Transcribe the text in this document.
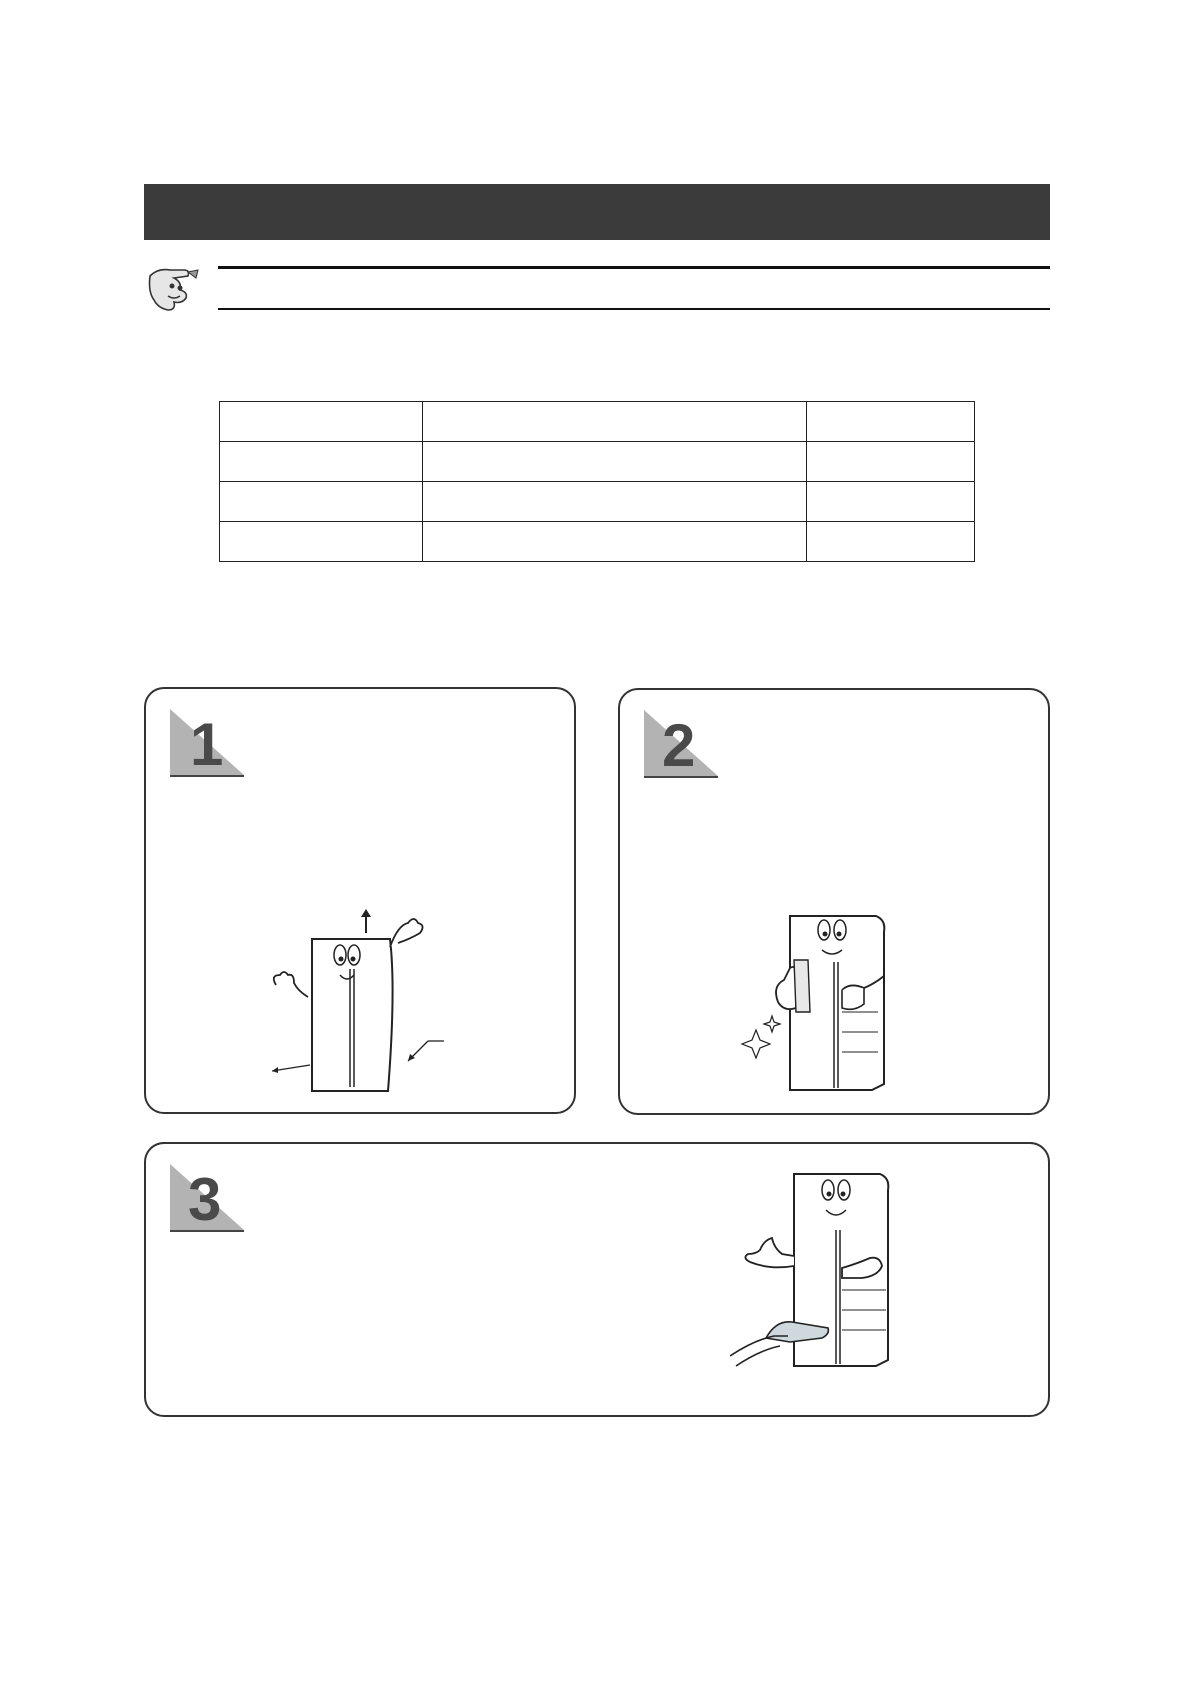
1	2
3
